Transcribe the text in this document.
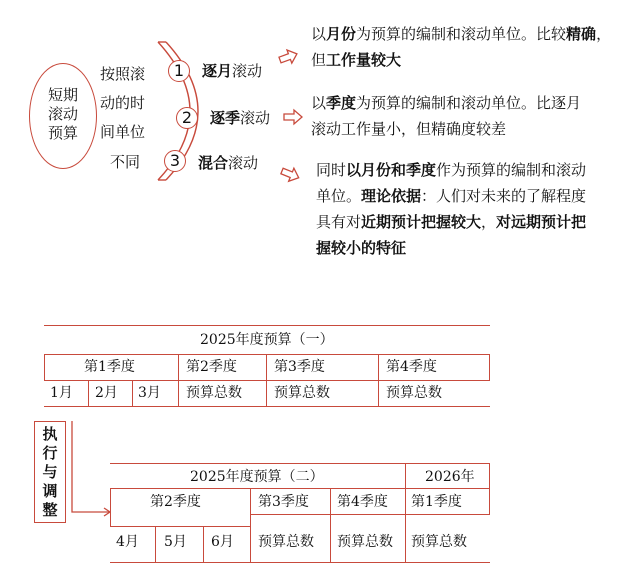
短期
滚动
预算
按照滚
动的时
间单位
不同
1
2
3
逐月滚动
逐季滚动
混合滚动
以月份为预算的编制和滚动单位。比较精确，
但工作量较大
以季度为预算的编制和滚动单位。比逐月
滚动工作量小，但精确度较差
同时以月份和季度作为预算的编制和滚动
单位。理论依据：人们对未来的了解程度
具有对近期预计把握较大，对远期预计把
握较小的特征
2025年度预算（一）
第1季度	第2季度	第3季度	第4季度
1月 2月 3月 预算总数 预算总数	预算总数
执
行
与
调
整
2025年度预算（二）	2026年
第2季度	第3季度 第4季度 第1季度
4月 5月 6月 预算总数 预算总数 预算总数
